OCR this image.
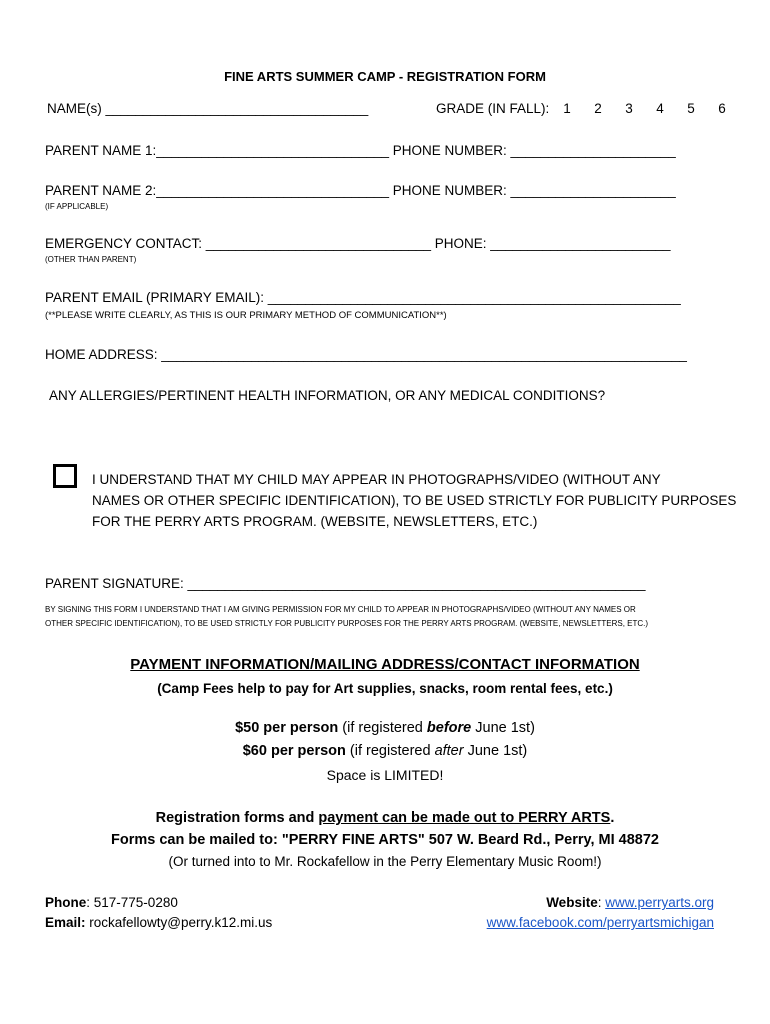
FINE ARTS SUMMER CAMP - REGISTRATION FORM
NAME(s) ___________________________________	GRADE (IN FALL): 1	2	3	4	5	6
PARENT NAME 1:_______________________________ PHONE NUMBER: ______________________
PARENT NAME 2:_______________________________ PHONE NUMBER: ______________________
(IF APPLICABLE)
EMERGENCY CONTACT: ______________________________ PHONE: ________________________
(OTHER THAN PARENT)
PARENT EMAIL (PRIMARY EMAIL): _______________________________________________________
(**PLEASE WRITE CLEARLY, AS THIS IS OUR PRIMARY METHOD OF COMMUNICATION**)
HOME ADDRESS: ______________________________________________________________________
ANY ALLERGIES/PERTINENT HEALTH INFORMATION, OR ANY MEDICAL CONDITIONS?
I UNDERSTAND THAT MY CHILD MAY APPEAR IN PHOTOGRAPHS/VIDEO (WITHOUT ANY
NAMES OR OTHER SPECIFIC IDENTIFICATION), TO BE USED STRICTLY FOR PUBLICITY PURPOSES
FOR THE PERRY ARTS PROGRAM. (WEBSITE, NEWSLETTERS, ETC.)
PARENT SIGNATURE: _____________________________________________________________
BY SIGNING THIS FORM I UNDERSTAND THAT I AM GIVING PERMISSION FOR MY CHILD TO APPEAR IN PHOTOGRAPHS/VIDEO (WITHOUT ANY NAMES OR
OTHER SPECIFIC IDENTIFICATION), TO BE USED STRICTLY FOR PUBLICITY PURPOSES FOR THE PERRY ARTS PROGRAM. (WEBSITE, NEWSLETTERS, ETC.)
PAYMENT INFORMATION/MAILING ADDRESS/CONTACT INFORMATION
(Camp Fees help to pay for Art supplies, snacks, room rental fees, etc.)
$50 per person (if registered before June 1st)
$60 per person (if registered after June 1st)
Space is LIMITED!
Registration forms and payment can be made out to PERRY ARTS.
Forms can be mailed to: "PERRY FINE ARTS" 507 W. Beard Rd., Perry, MI 48872
(Or turned into to Mr. Rockafellow in the Perry Elementary Music Room!)
Phone: 517-775-0280
Email: rockafellowty@perry.k12.mi.us
Website: www.perryarts.org
www.facebook.com/perryartsmichigan
